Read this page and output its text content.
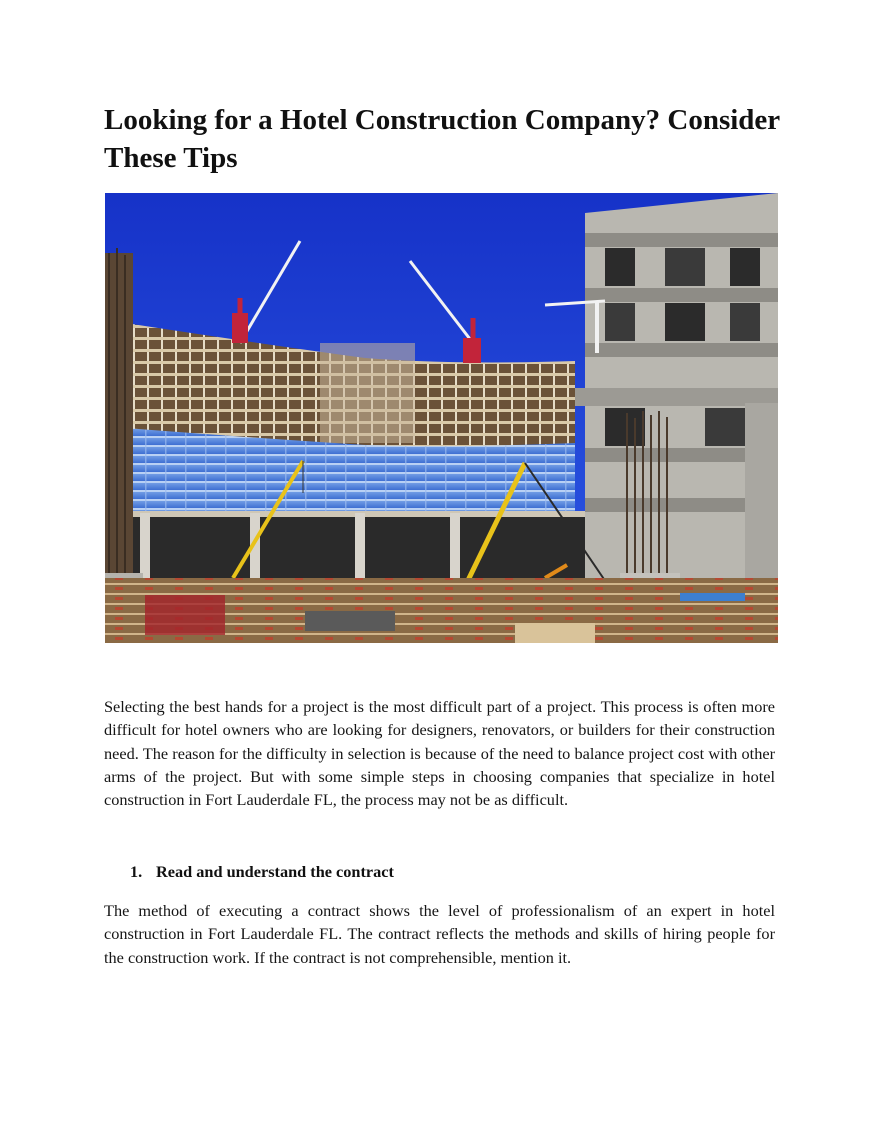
Looking for a Hotel Construction Company? Consider These Tips

Selecting the best hands for a project is the most difficult part of a project. This process is often more difficult for hotel owners who are looking for designers, renovators, or builders for their construction need. The reason for the difficulty in selection is because of the need to balance project cost with other arms of the project. But with some simple steps in choosing companies that specialize in hotel construction in Fort Lauderdale FL, the process may not be as difficult.

1. Read and understand the contract

The method of executing a contract shows the level of professionalism of an expert in hotel construction in Fort Lauderdale FL. The contract reflects the methods and skills of hiring people for the construction work. If the contract is not comprehensible, mention it.
